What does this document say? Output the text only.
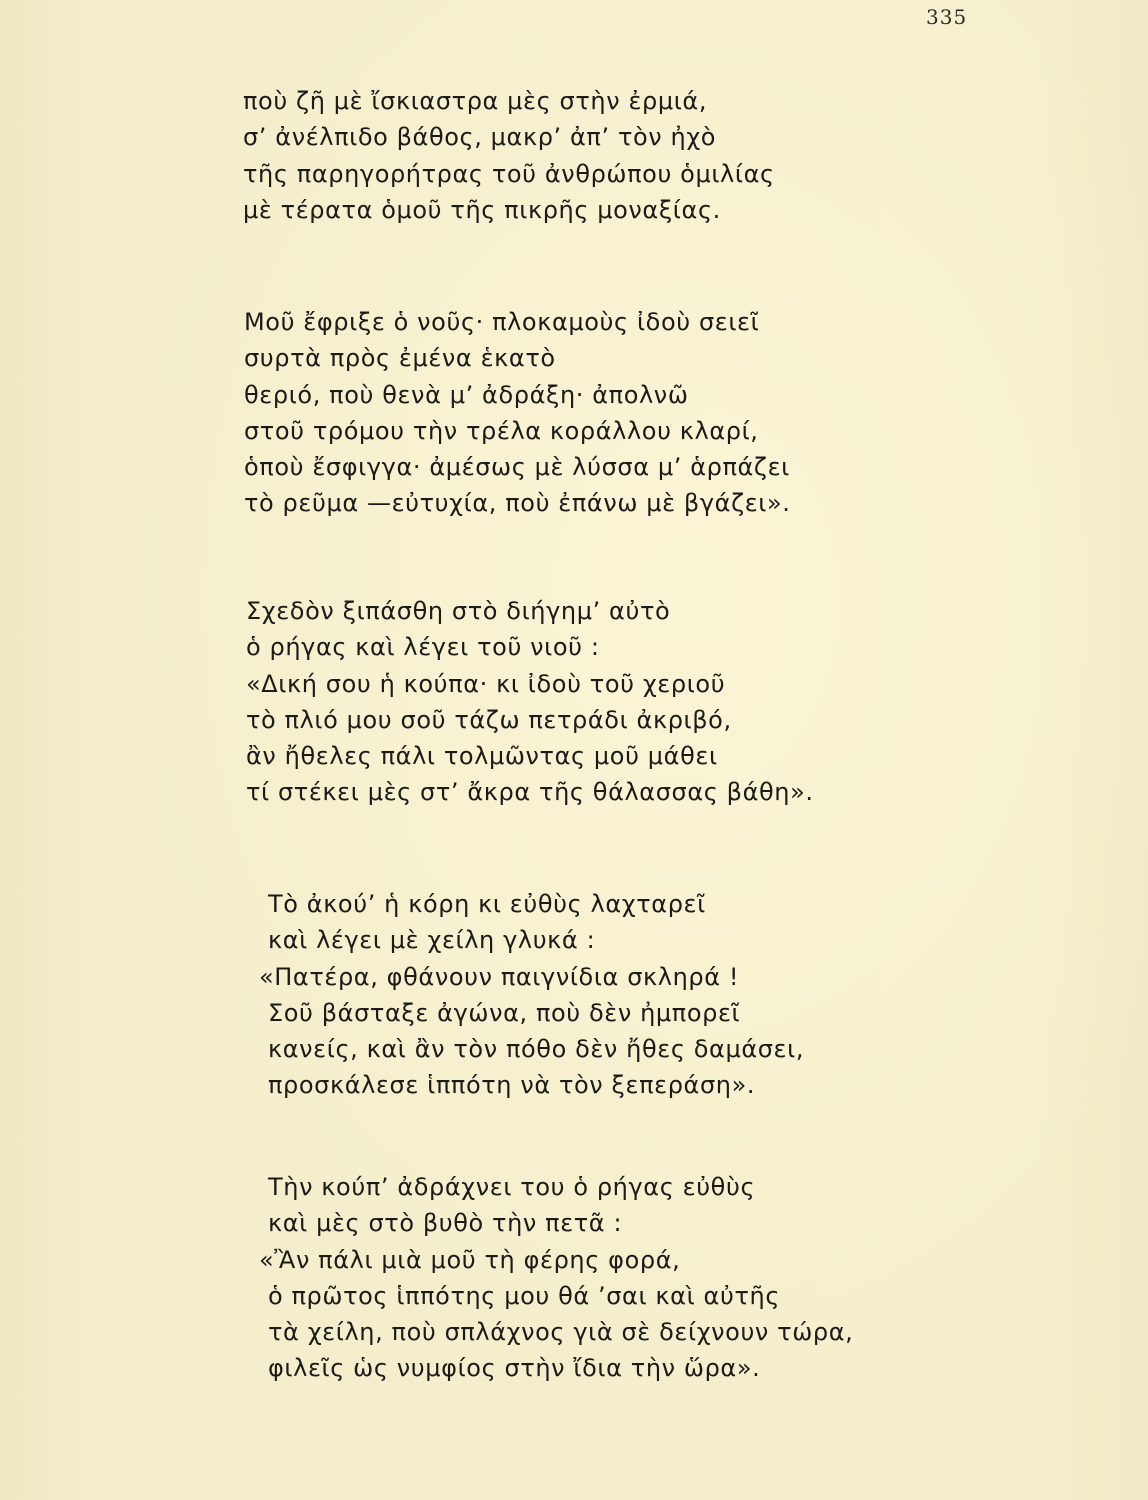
335
ποὺ ζῆ μὲ ἴσκιαστρα μὲς στὴν ἐρμιά,
σ’ ἀνέλπιδο βάθος, μακρ’ ἀπ’ τὸν ἠχὸ
τῆς παρηγορήτρας τοῦ ἀνθρώπου ὁμιλίας
μὲ τέρατα ὁμοῦ τῆς πικρῆς μοναξίας.
Μοῦ ἔφριξε ὁ νοῦς· πλοκαμοὺς ἰδοὺ σειεῖ
συρτὰ πρὸς ἐμένα ἑκατὸ
θεριό, ποὺ θενὰ μ’ ἀδράξη· ἀπολνῶ
στοῦ τρόμου τὴν τρέλα κοράλλου κλαρί,
ὁποὺ ἔσφιγγα· ἀμέσως μὲ λύσσα μ’ ἁρπάζει
τὸ ρεῦμα —εὐτυχία, ποὺ ἐπάνω μὲ βγάζει».
Σχεδὸν ξιπάσθη στὸ διήγημ’ αὐτὸ
ὁ ρήγας καὶ λέγει τοῦ νιοῦ :
«Δική σου ἡ κούπα· κι ἰδοὺ τοῦ χεριοῦ
τὸ πλιό μου σοῦ τάζω πετράδι ἀκριβό,
ἂν ἤθελες πάλι τολμῶντας μοῦ μάθει
τί στέκει μὲς στ’ ἄκρα τῆς θάλασσας βάθη».
Τὸ ἀκού’ ἡ κόρη κι εὐθὺς λαχταρεῖ
καὶ λέγει μὲ χείλη γλυκά :
«Πατέρα, φθάνουν παιγνίδια σκληρά !
Σοῦ βάσταξε ἀγώνα, ποὺ δὲν ἠμπορεῖ
κανείς, καὶ ἂν τὸν πόθο δὲν ἤθες δαμάσει,
προσκάλεσε ἱππότη νὰ τὸν ξεπεράση».
Τὴν κούπ’ ἀδράχνει του ὁ ρήγας εὐθὺς
καὶ μὲς στὸ βυθὸ τὴν πετᾶ :
«Ἂν πάλι μιὰ μοῦ τὴ φέρης φορά,
ὁ πρῶτος ἱππότης μου θά ’σαι καὶ αὐτῆς
τὰ χείλη, ποὺ σπλάχνος γιὰ σὲ δείχνουν τώρα,
φιλεῖς ὡς νυμφίος στὴν ἴδια τὴν ὥρα».
